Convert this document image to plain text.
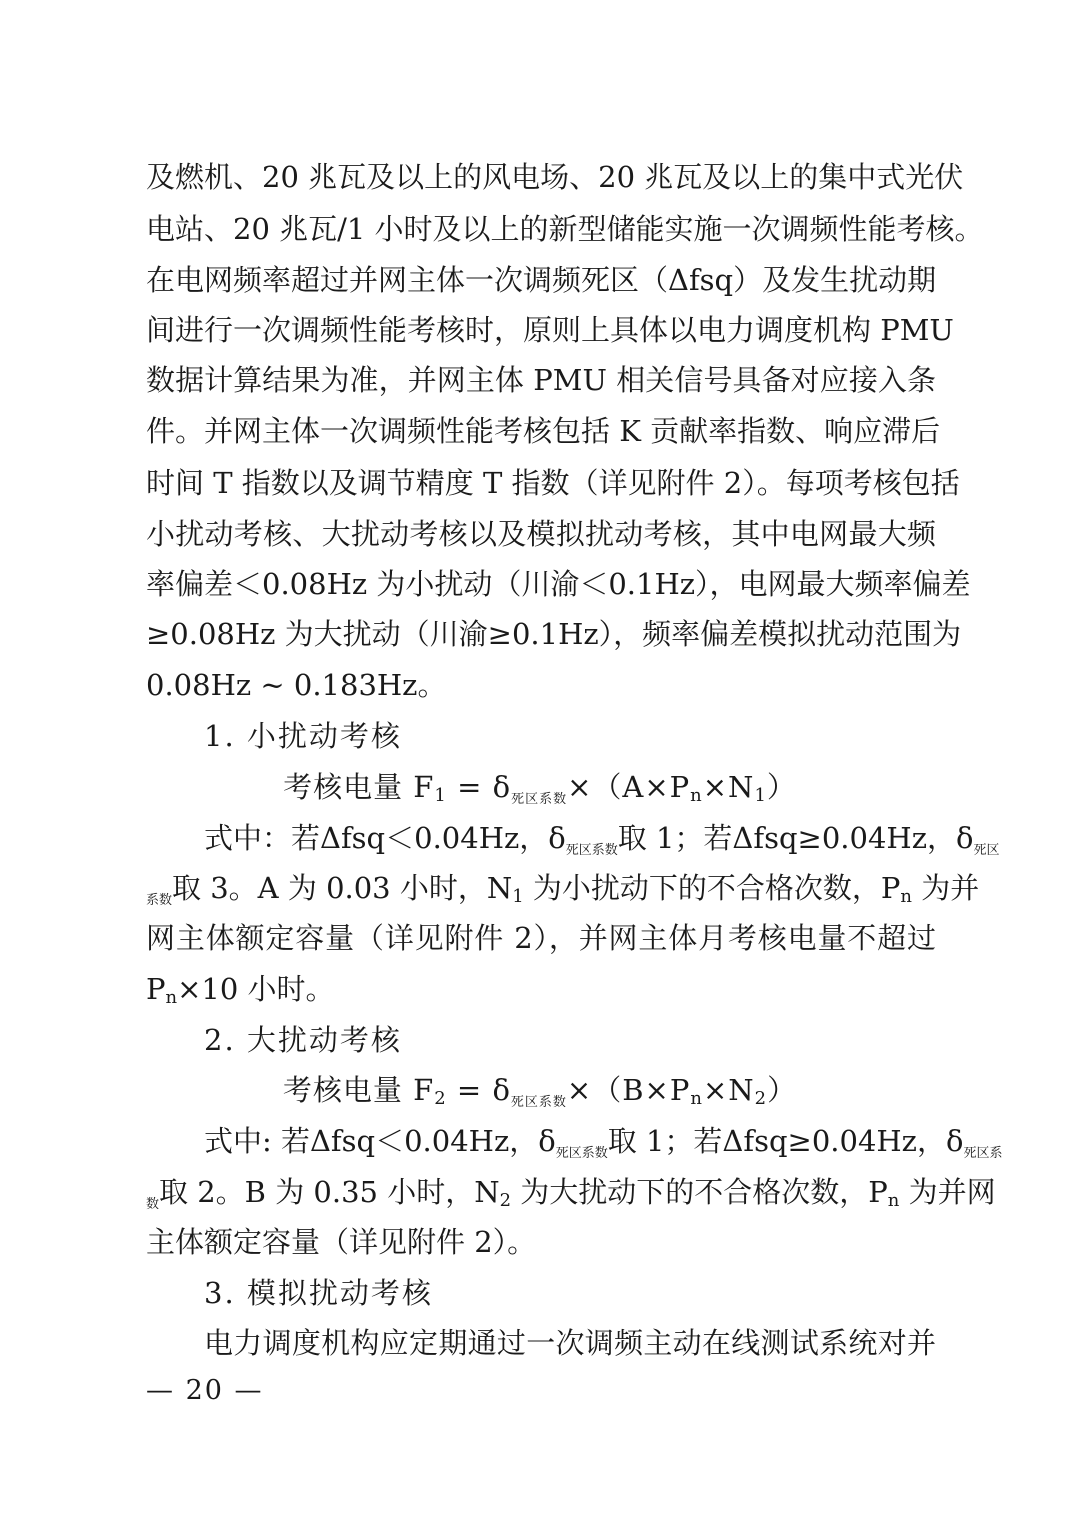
及燃机、20 兆瓦及以上的风电场、20 兆瓦及以上的集中式光伏
电站、20 兆瓦/1 小时及以上的新型储能实施一次调频性能考核。
在电网频率超过并网主体一次调频死区（Δfsq）及发生扰动期
间进行一次调频性能考核时，原则上具体以电力调度机构 PMU
数据计算结果为准，并网主体 PMU 相关信号具备对应接入条
件。并网主体一次调频性能考核包括 K 贡献率指数、响应滞后
时间 T 指数以及调节精度 T 指数（详见附件 2）。每项考核包括
小扰动考核、大扰动考核以及模拟扰动考核，其中电网最大频
率偏差＜0.08Hz 为小扰动（川渝＜0.1Hz），电网最大频率偏差
≥0.08Hz 为大扰动（川渝≥0.1Hz），频率偏差模拟扰动范围为
0.08Hz ~ 0.183Hz。
1. 小扰动考核
考核电量 $F_1 = \delta_{死区系数}\times(A\times P_n\times N_1)$
式中：若Δfsq＜0.04Hz，$\delta_{死区系数}$取 1；若Δfsq≥0.04Hz，$\delta_{死区}$
$_{系数}$取 3。A 为 0.03 小时，$N_1$ 为小扰动下的不合格次数，$P_n$ 为并
网主体额定容量（详见附件 2），并网主体月考核电量不超过
$P_n\times 10$ 小时。
2. 大扰动考核
考核电量 $F_2 = \delta_{死区系数}\times(B\times P_n\times N_2)$
式中: 若Δfsq＜0.04Hz，$\delta_{死区系数}$取 1；若Δfsq≥0.04Hz，$\delta_{死区系}$
$_数$取 2。B 为 0.35 小时，$N_2$ 为大扰动下的不合格次数，$P_n$ 为并网
主体额定容量（详见附件 2）。
3. 模拟扰动考核
电力调度机构应定期通过一次调频主动在线测试系统对并
— 20 —
